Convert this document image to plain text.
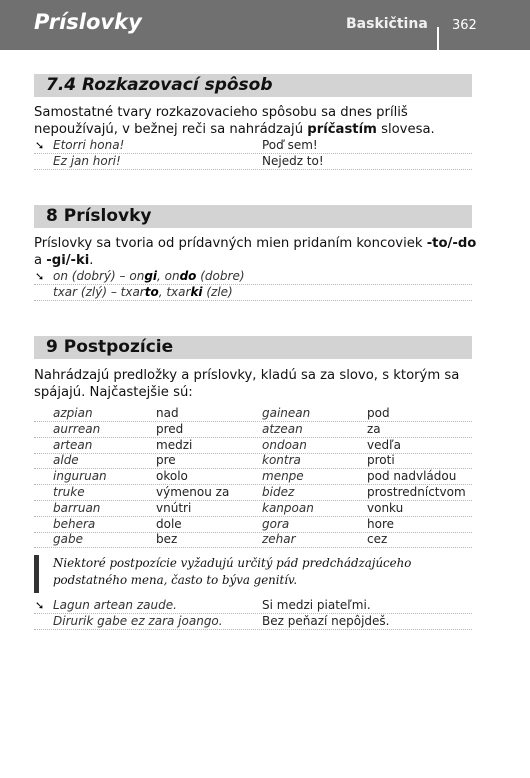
Príslovky	Baskičtina 362
7.4 Rozkazovací spôsob
Samostatné tvary rozkazovacieho spôsobu sa dnes príliš nepoužívajú, v bežnej reči sa nahrádzajú príčastím slovesa.
➘ Etorri hona!	Poď sem!
Ez jan hori!	Nejedz to!
8 Príslovky
Príslovky sa tvoria od prídavných mien pridaním koncoviek -to/-do a -gi/-ki.
➘ on (dobrý) – ongi, ondo (dobre)
txar (zlý) – txarto, txarki (zle)
9 Postpozície
Nahrádzajú predložky a príslovky, kladú sa za slovo, s ktorým sa spájajú. Najčastejšie sú:
azpian	nad	gainean	pod
aurrean	pred	atzean	za
artean	medzi	ondoan	vedľa
alde	pre	kontra	proti
inguruan	okolo	menpe	pod nadvládou
truke	výmenou za	bidez	prostredníctvom
barruan	vnútri	kanpoan	vonku
behera	dole	gora	hore
gabe	bez	zehar	cez
Niektoré postpozície vyžadujú určitý pád predchádzajúceho podstatného mena, často to býva genitív.
➘ Lagun artean zaude.	Si medzi piateľmi.
Dirurik gabe ez zara joango.	Bez peňazí nepôjdeš.
